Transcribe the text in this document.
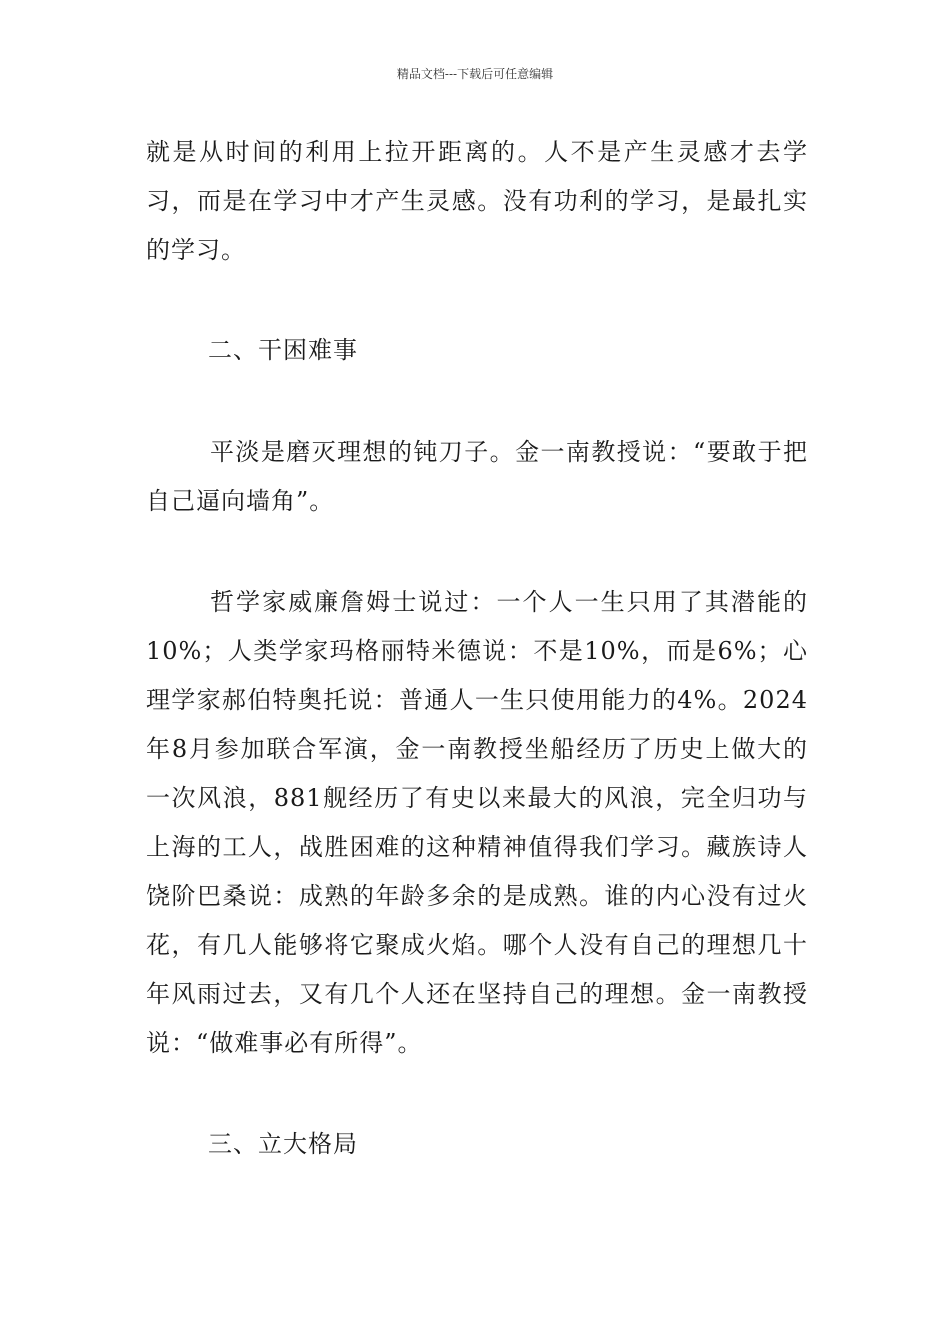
精品文档---下载后可任意编辑

就是从时间的利用上拉开距离的。人不是产生灵感才去学习，而是在学习中才产生灵感。没有功利的学习，是最扎实的学习。

二、干困难事

平淡是磨灭理想的钝刀子。金一南教授说：“要敢于把自己逼向墙角”。

哲学家威廉詹姆士说过：一个人一生只用了其潜能的10%；人类学家玛格丽特米德说：不是10%，而是6%；心理学家郝伯特奥托说：普通人一生只使用能力的4%。2024年8月参加联合军演，金一南教授坐船经历了历史上做大的一次风浪，881舰经历了有史以来最大的风浪，完全归功与上海的工人，战胜困难的这种精神值得我们学习。藏族诗人饶阶巴桑说：成熟的年龄多余的是成熟。谁的内心没有过火花，有几人能够将它聚成火焰。哪个人没有自己的理想几十年风雨过去，又有几个人还在坚持自己的理想。金一南教授说：“做难事必有所得”。

三、立大格局
